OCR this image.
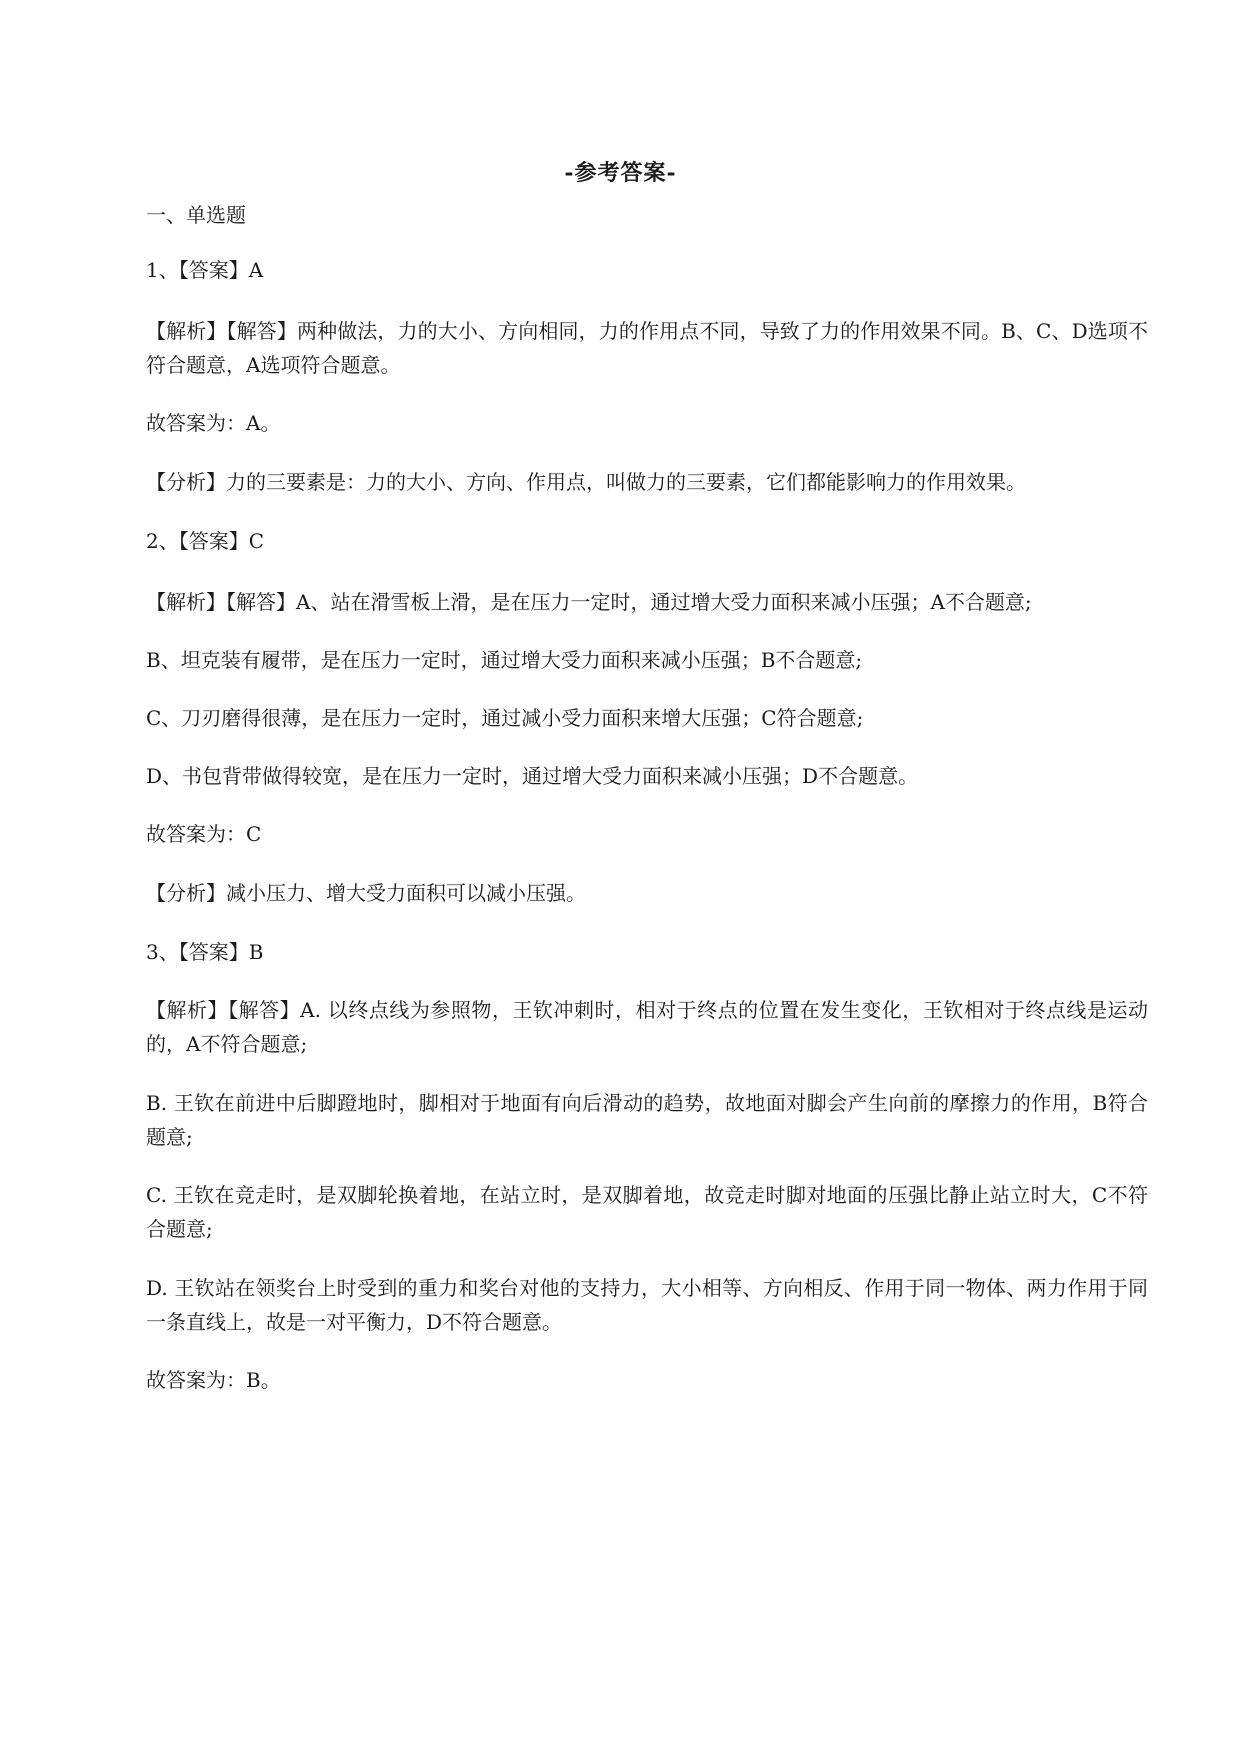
-参考答案-

一、单选题

1、【答案】A

【解析】【解答】两种做法，力的大小、方向相同，力的作用点不同，导致了力的作用效果不同。B、C、D选项不符合题意，A选项符合题意。

故答案为：A。

【分析】力的三要素是：力的大小、方向、作用点，叫做力的三要素，它们都能影响力的作用效果。

2、【答案】C

【解析】【解答】A、站在滑雪板上滑，是在压力一定时，通过增大受力面积来减小压强；A不合题意;

B、坦克装有履带，是在压力一定时，通过增大受力面积来减小压强；B不合题意;

C、刀刃磨得很薄，是在压力一定时，通过减小受力面积来增大压强；C符合题意;

D、书包背带做得较宽，是在压力一定时，通过增大受力面积来减小压强；D不合题意。

故答案为：C

【分析】减小压力、增大受力面积可以减小压强。

3、【答案】B

【解析】【解答】A. 以终点线为参照物，王钦冲刺时，相对于终点的位置在发生变化，王钦相对于终点线是运动的，A不符合题意;

B. 王钦在前进中后脚蹬地时，脚相对于地面有向后滑动的趋势，故地面对脚会产生向前的摩擦力的作用，B符合题意;

C. 王钦在竞走时，是双脚轮换着地，在站立时，是双脚着地，故竞走时脚对地面的压强比静止站立时大，C不符合题意;

D. 王钦站在领奖台上时受到的重力和奖台对他的支持力，大小相等、方向相反、作用于同一物体、两力作用于同一条直线上，故是一对平衡力，D不符合题意。

故答案为：B。
